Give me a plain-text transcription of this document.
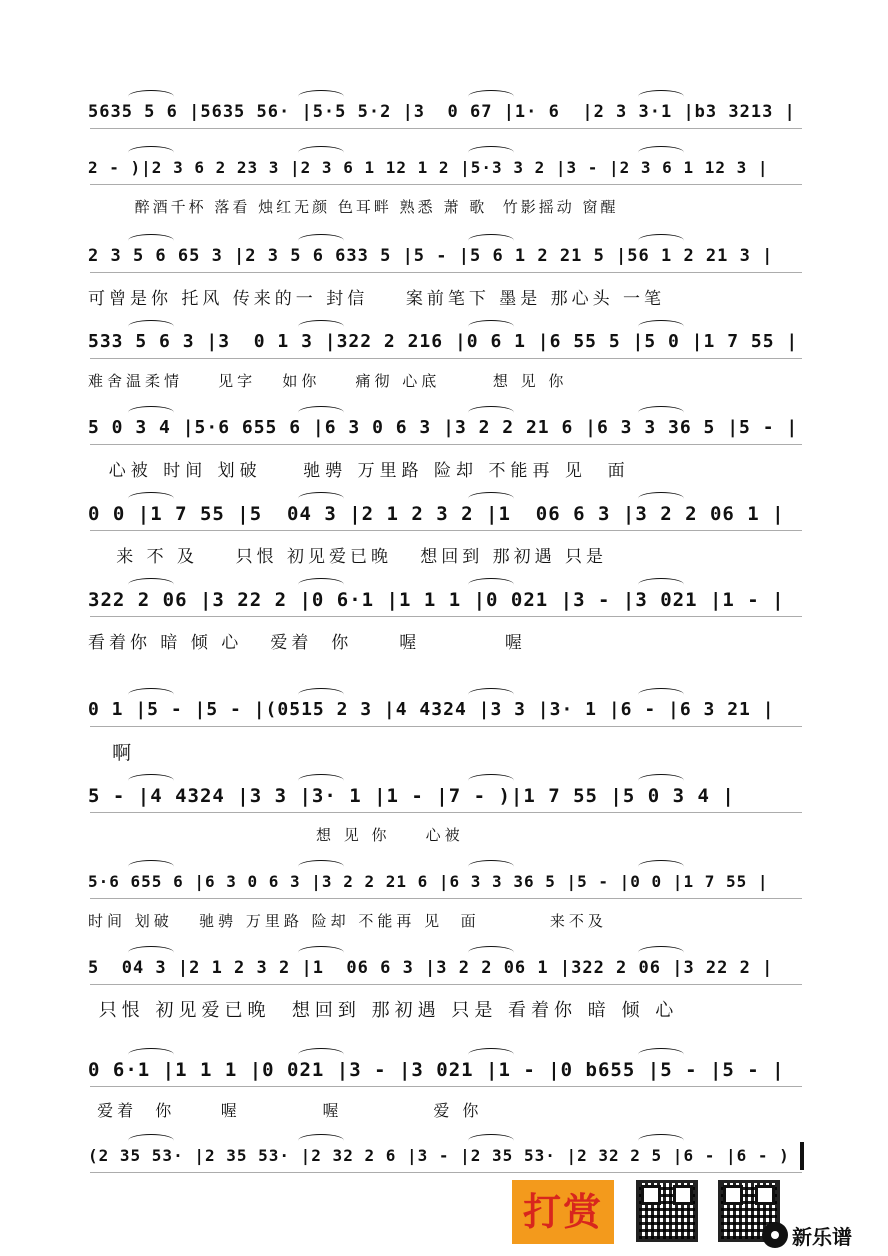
5635 5 6 |5635 56· |5·5 5·2 |3  0 67 |1· 6  |2 3 3·1 |b3 3213 |
2 - )|2 3 6 2 23 3 |2 3 6 1 12 1 2 |5·3 3 2 |3 - |2 3 6 1 12 3 |
醉酒千杯 落看 烛红无颜 色耳畔 熟悉 萧 歌  竹影摇动 窗醒
2 3 5 6 65 3 |2 3 5 6 633 5 |5 - |5 6 1 2 21 5 |56 1 2 21 3 |
可曾是你 托风 传来的一 封信    案前笔下 墨是 那心头 一笔
533 5 6 3 |3  0 1 3 |322 2 216 |0 6 1 |6 55 5 |5 0 |1 7 55 |
难舍温柔情    见字   如你    痛彻 心底      想 见 你
5 0 3 4 |5·6 655 6 |6 3 0 6 3 |3 2 2 21 6 |6 3 3 36 5 |5 - |
心被 时间 划破    驰骋 万里路 险却 不能再 见  面
0 0 |1 7 55 |5  04 3 |2 1 2 3 2 |1  06 6 3 |3 2 2 06 1 |
来 不 及    只恨 初见爱已晚   想回到 那初遇 只是
322 2 06 |3 22 2 |0 6·1 |1 1 1 |0 021 |3 - |3 021 |1 - |
看着你 暗 倾 心   爱着  你     喔         喔
0 1 |5 - |5 - |(0515 2 3 |4 4324 |3 3 |3· 1 |6 - |6 3 21 |
啊
5 - |4 4324 |3 3 |3· 1 |1 - |7 - )|1 7 55 |5 0 3 4 |
想 见 你    心被
5·6 655 6 |6 3 0 6 3 |3 2 2 21 6 |6 3 3 36 5 |5 - |0 0 |1 7 55 |
时间 划破   驰骋 万里路 险却 不能再 见  面        来不及
5  04 3 |2 1 2 3 2 |1  06 6 3 |3 2 2 06 1 |322 2 06 |3 22 2 |
只恨 初见爱已晚  想回到 那初遇 只是 看着你 暗 倾 心
0 6·1 |1 1 1 |0 021 |3 - |3 021 |1 - |0 b655 |5 - |5 - |
爱着  你     喔         喔          爱 你
(2 35 53· |2 35 53· |2 32 2 6 |3 - |2 35 53· |2 32 2 5 |6 - |6 - )
打赏
新乐谱
